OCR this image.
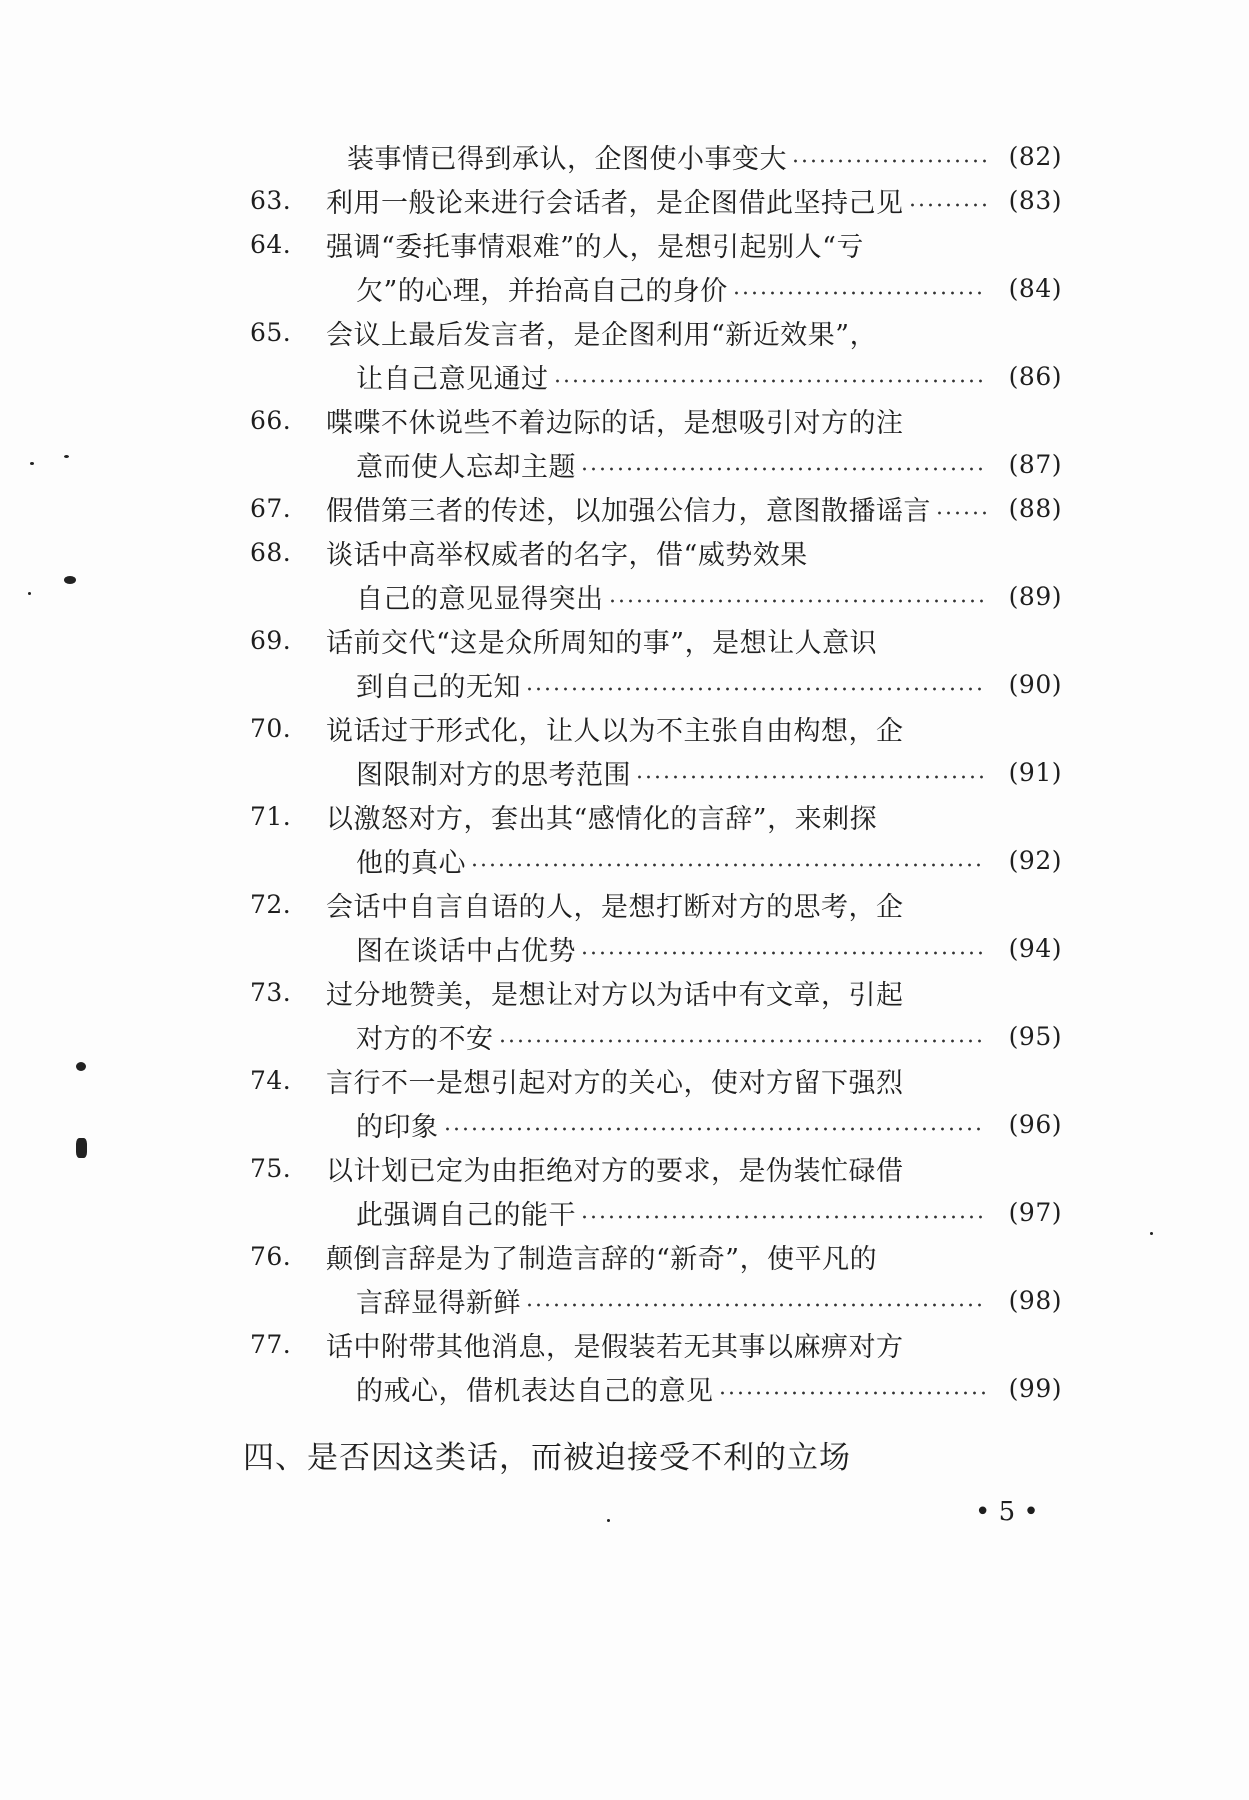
装事情已得到承认，企图使小事变大	(82)
63.	利用一般论来进行会话者，是企图借此坚持己见	(83)
64.	强调“委托事情艰难”的人，是想引起别人“亏
欠”的心理，并抬高自己的身价	(84)
65.	会议上最后发言者，是企图利用“新近效果”，
让自己意见通过	(86)
66.	喋喋不休说些不着边际的话，是想吸引对方的注
意而使人忘却主题	(87)
67.	假借第三者的传述，以加强公信力，意图散播谣言	(88)
68.	谈话中高举权威者的名字，借“威势效果
自己的意见显得突出	(89)
69.	话前交代“这是众所周知的事”，是想让人意识
到自己的无知	(90)
70.	说话过于形式化，让人以为不主张自由构想，企
图限制对方的思考范围	(91)
71.	以激怒对方，套出其“感情化的言辞”，来刺探
他的真心	(92)
72.	会话中自言自语的人，是想打断对方的思考，企
图在谈话中占优势	(94)
73.	过分地赞美，是想让对方以为话中有文章，引起
对方的不安	(95)
74.	言行不一是想引起对方的关心，使对方留下强烈
的印象	(96)
75.	以计划已定为由拒绝对方的要求，是伪装忙碌借
此强调自己的能干	(97)
76.	颠倒言辞是为了制造言辞的“新奇”，使平凡的
言辞显得新鲜	(98)
77.	话中附带其他消息，是假装若无其事以麻痹对方
的戒心，借机表达自己的意见	(99)
四、是否因这类话，而被迫接受不利的立场
• 5 •
